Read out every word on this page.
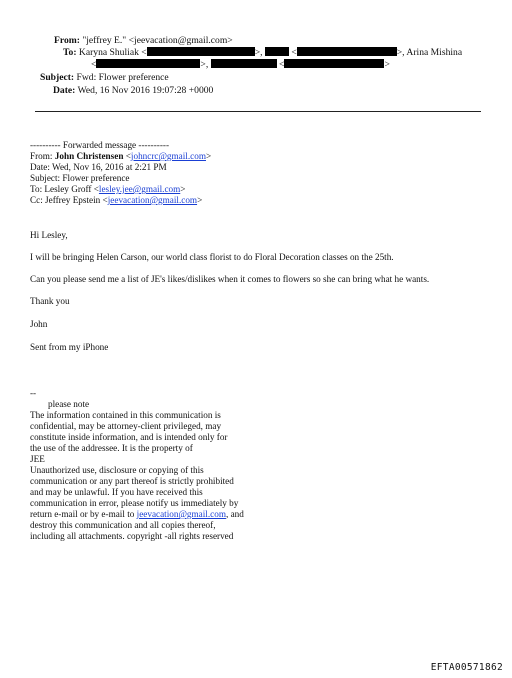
From: "jeffrey E." <jeevacation@gmail.com>
To: Karyna Shuliak <	>,	<	>, Arina Mishina
<	>,	<	>
Subject: Fwd: Flower preference
Date: Wed, 16 Nov 2016 19:07:28 +0000
---------- Forwarded message ----------
From: John Christensen <johncrc@gmail.com>
Date: Wed, Nov 16, 2016 at 2:21 PM
Subject: Flower preference
To: Lesley Groff <lesley.jee@gmail.com>
Cc: Jeffrey Epstein <jeevacation@gmail.com>
Hi Lesley,
I will be bringing Helen Carson, our world class florist to do Floral Decoration classes on the 25th.
Can you please send me a list of JE's likes/dislikes when it comes to flowers so she can bring what he wants.
Thank you
John
Sent from my iPhone
--
please note
The information contained in this communication is
confidential, may be attorney-client privileged, may
constitute inside information, and is intended only for
the use of the addressee. It is the property of
JEE
Unauthorized use, disclosure or copying of this
communication or any part thereof is strictly prohibited
and may be unlawful. If you have received this
communication in error, please notify us immediately by
return e-mail or by e-mail to jeevacation@gmail.com, and
destroy this communication and all copies thereof,
including all attachments. copyright -all rights reserved
EFTA00571862
